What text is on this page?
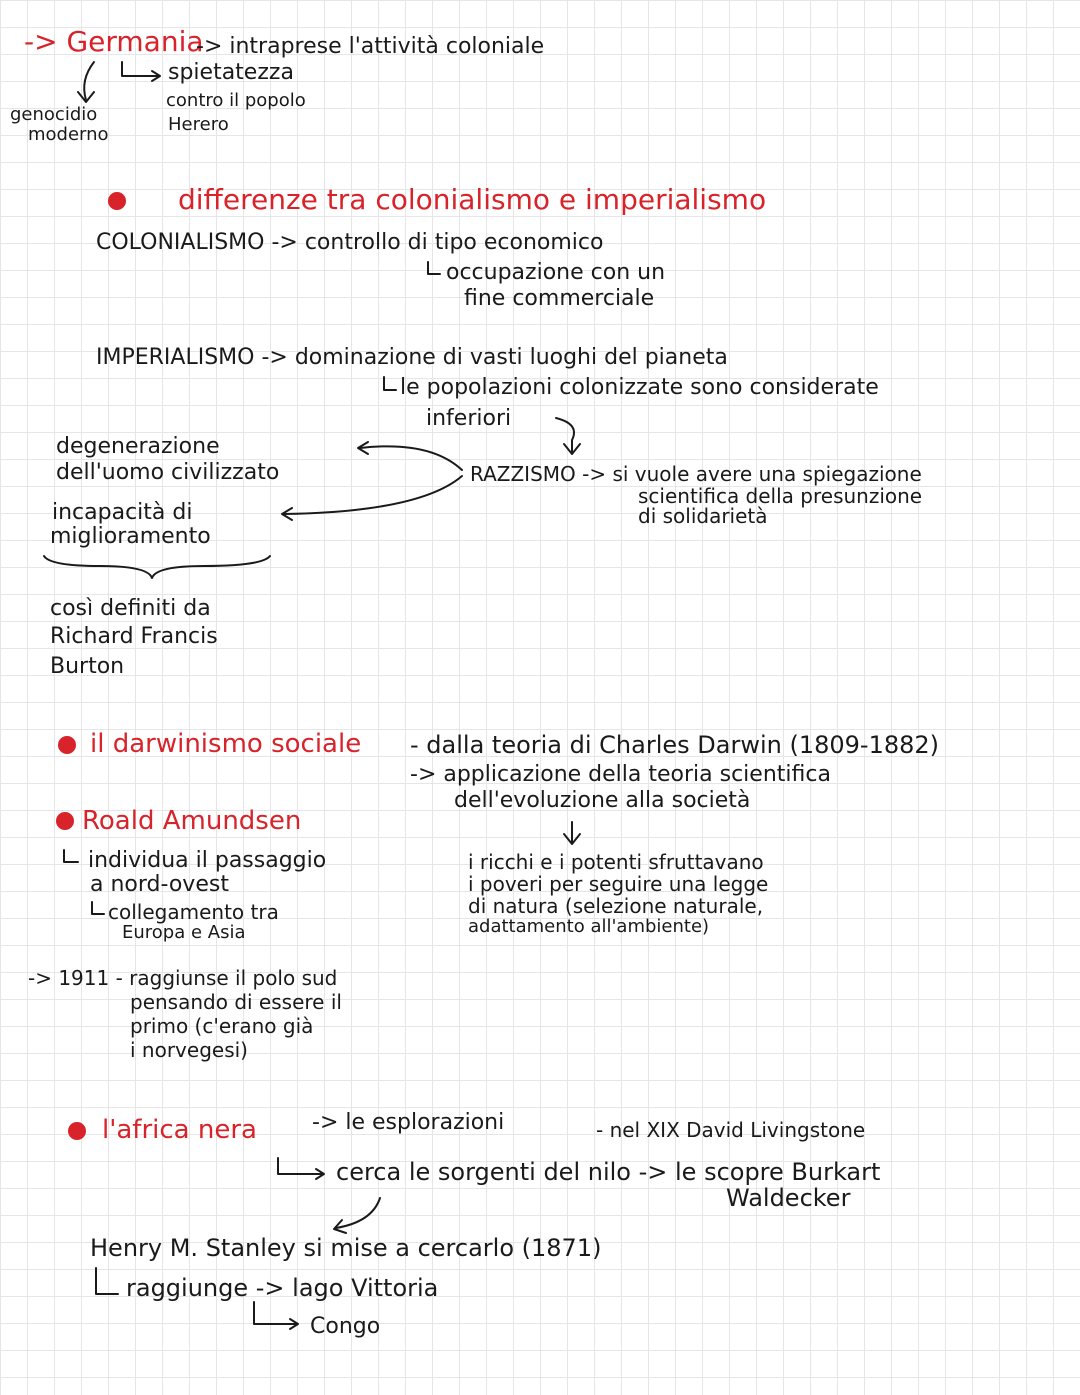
-> Germania
-> intraprese l'attività coloniale
spietatezza
contro il popolo
Herero
genocidio
moderno
differenze tra colonialismo e imperialismo
COLONIALISMO -> controllo di tipo economico
occupazione con un
fine commerciale
IMPERIALISMO -> dominazione di vasti luoghi del pianeta
le popolazioni colonizzate sono considerate
inferiori
RAZZISMO -> si vuole avere una spiegazione
scientifica della presunzione
di solidarietà
degenerazione
dell'uomo civilizzato
incapacità di
miglioramento
così definiti da
Richard Francis
Burton
il darwinismo sociale - dalla teoria di Charles Darwin (1809-1882)
-> applicazione della teoria scientifica
dell'evoluzione alla società
i ricchi e i potenti sfruttavano
i poveri per seguire una legge
di natura (selezione naturale,
adattamento all'ambiente)
Roald Amundsen
individua il passaggio
a nord-ovest
collegamento tra
Europa e Asia
-> 1911 - raggiunse il polo sud
pensando di essere il
primo (c'erano già
i norvegesi)
l'africa nera	-> le esplorazioni	- nel XIX David Livingstone
cerca le sorgenti del nilo -> le scopre Burkart
Waldecker
Henry M. Stanley si mise a cercarlo (1871)
raggiunge -> lago Vittoria
Congo
